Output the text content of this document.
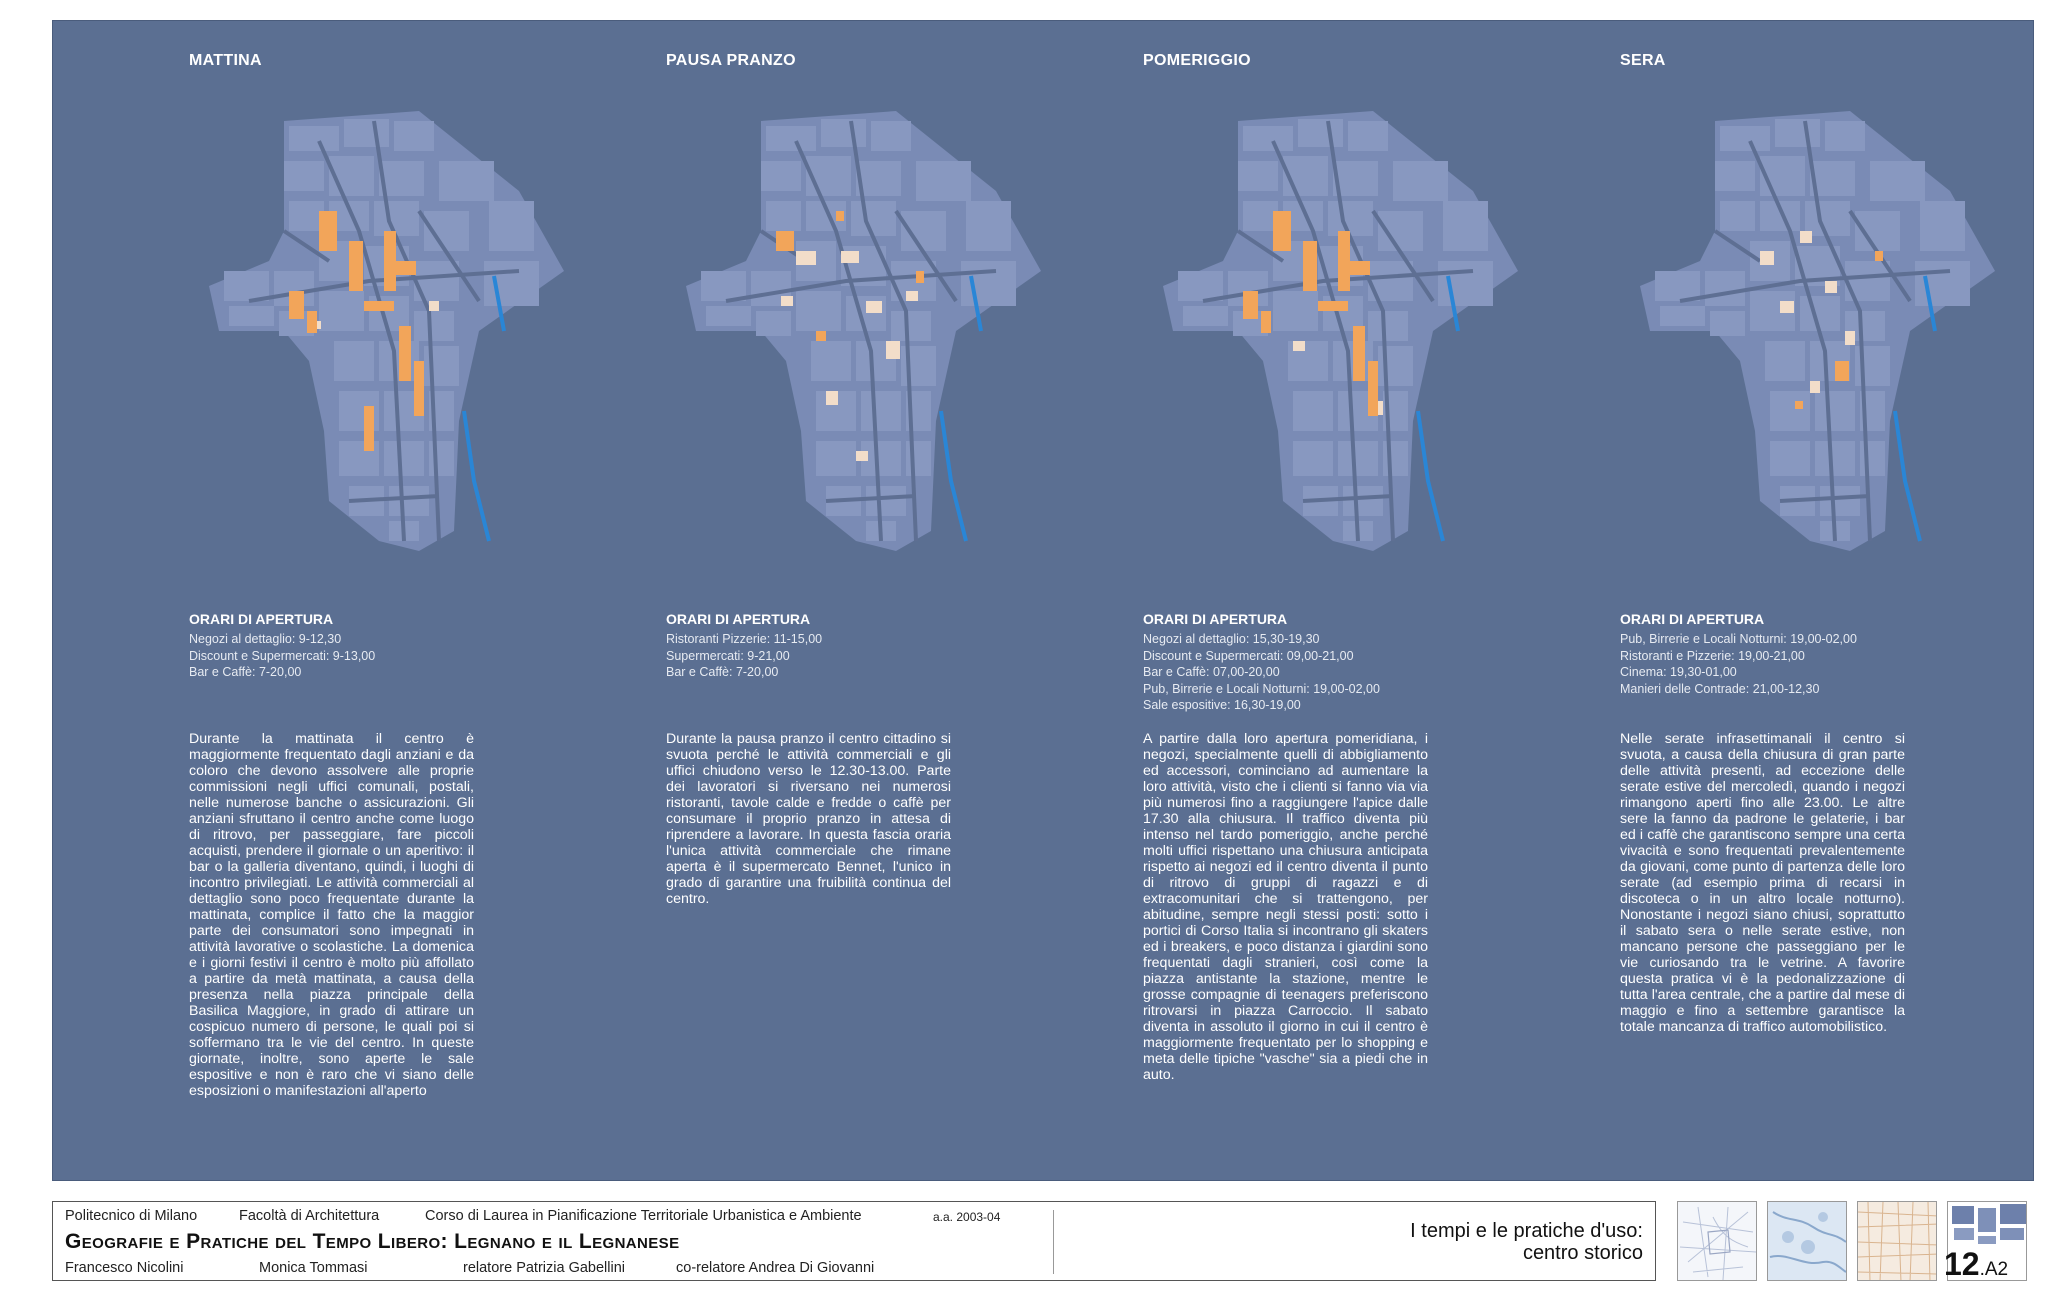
MATTINA
ORARI DI APERTURA
Negozi al dettaglio: 9-12,30
Discount e Supermercati: 9-13,00
Bar e Caffè: 7-20,00
Durante la mattinata il centro è maggiormente frequentato dagli anziani e da coloro che devono assolvere alle proprie commissioni negli uffici comunali, postali, nelle numerose banche o assicurazioni. Gli anziani sfruttano il centro anche come luogo di ritrovo, per passeggiare, fare piccoli acquisti, prendere il giornale o un aperitivo: il bar o la galleria diventano, quindi, i luoghi di incontro privilegiati. Le attività commerciali al dettaglio sono poco frequentate durante la mattinata, complice il fatto che la maggior parte dei consumatori sono impegnati in attività lavorative o scolastiche. La domenica e i giorni festivi il centro è molto più affollato a partire da metà mattinata, a causa della presenza nella piazza principale della Basilica Maggiore, in grado di attirare un cospicuo numero di persone, le quali poi si soffermano tra le vie del centro. In queste giornate, inoltre, sono aperte le sale espositive e non è raro che vi siano delle esposizioni o manifestazioni all'aperto
PAUSA PRANZO
ORARI DI APERTURA
Ristoranti Pizzerie: 11-15,00
Supermercati: 9-21,00
Bar e Caffè: 7-20,00
Durante la pausa pranzo il centro cittadino si svuota perché le attività commerciali e gli uffici chiudono verso le 12.30-13.00. Parte dei lavoratori si riversano nei numerosi ristoranti, tavole calde e fredde o caffè per consumare il proprio pranzo in attesa di riprendere a lavorare. In questa fascia oraria l'unica attività commerciale che rimane aperta è il supermercato Bennet, l'unico in grado di garantire una fruibilità continua del centro.
POMERIGGIO
ORARI DI APERTURA
Negozi al dettaglio: 15,30-19,30
Discount e Supermercati: 09,00-21,00
Bar e Caffè: 07,00-20,00
Pub, Birrerie e Locali Notturni: 19,00-02,00
Sale espositive: 16,30-19,00
A partire dalla loro apertura pomeridiana, i negozi, specialmente quelli di abbigliamento ed accessori, cominciano ad aumentare la loro attività, visto che i clienti si fanno via via più numerosi fino a raggiungere l'apice dalle 17.30 alla chiusura. Il traffico diventa più intenso nel tardo pomeriggio, anche perché molti uffici rispettano una chiusura anticipata rispetto ai negozi ed il centro diventa il punto di ritrovo di gruppi di ragazzi e di extracomunitari che si trattengono, per abitudine, sempre negli stessi posti: sotto i portici di Corso Italia si incontrano gli skaters ed i breakers, e poco distanza i giardini sono frequentati dagli stranieri, così come la piazza antistante la stazione, mentre le grosse compagnie di teenagers preferiscono ritrovarsi in piazza Carroccio. Il sabato diventa in assoluto il giorno in cui il centro è maggiormente frequentato per lo shopping e meta delle tipiche "vasche" sia a piedi che in auto.
SERA
ORARI DI APERTURA
Pub, Birrerie e Locali Notturni: 19,00-02,00
Ristoranti e Pizzerie: 19,00-21,00
Cinema: 19,30-01,00
Manieri delle Contrade: 21,00-12,30
Nelle serate infrasettimanali il centro si svuota, a causa della chiusura di gran parte delle attività presenti, ad eccezione delle serate estive del mercoledì, quando i negozi rimangono aperti fino alle 23.00. Le altre sere la fanno da padrone le gelaterie, i bar ed i caffè che garantiscono sempre una certa vivacità e sono frequentati prevalentemente da giovani, come punto di partenza delle loro serate (ad esempio prima di recarsi in discoteca o in un altro locale notturno). Nonostante i negozi siano chiusi, soprattutto il sabato sera o nelle serate estive, non mancano persone che passeggiano per le vie curiosando tra le vetrine. A favorire questa pratica vi è la pedonalizzazione di tutta l'area centrale, che a partire dal mese di maggio e fino a settembre garantisce la totale mancanza di traffico automobilistico.
Politecnico di Milano	Facoltà di Architettura	Corso di Laurea in Pianificazione Territoriale Urbanistica e Ambiente	a.a. 2003-04
Geografie e Pratiche del Tempo Libero: Legnano e il Legnanese
Francesco Nicolini	Monica Tommasi	relatore Patrizia Gabellini	co-relatore Andrea Di Giovanni
I tempi e le pratiche d'uso:
centro storico	12.A2
